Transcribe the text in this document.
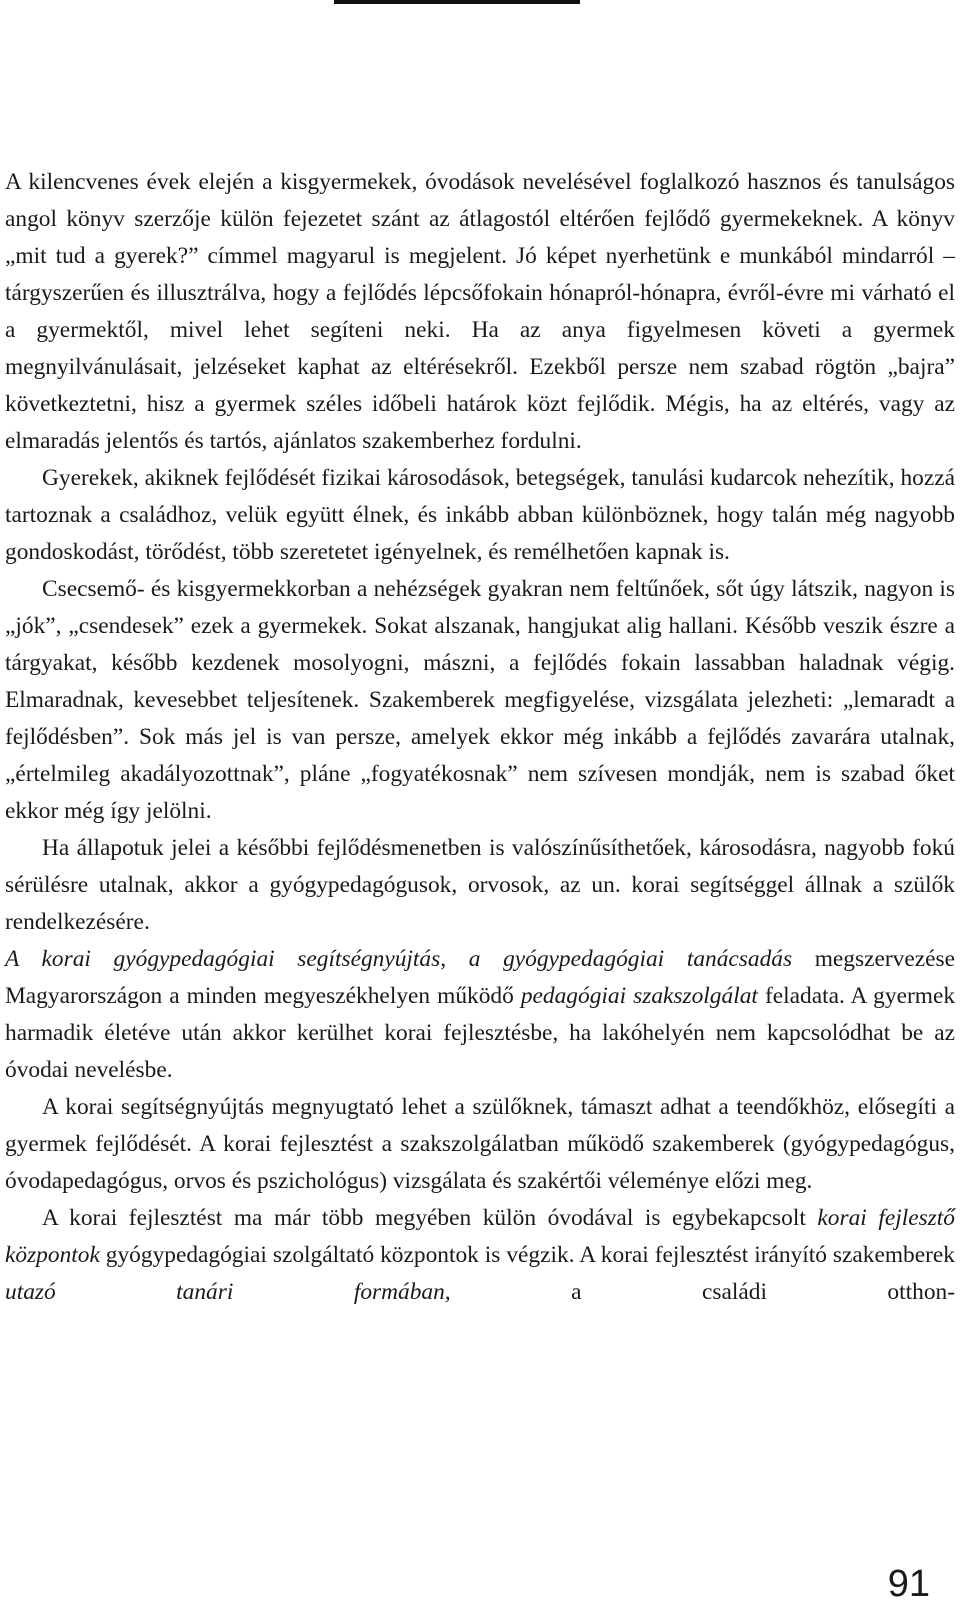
A kilencvenes évek elején a kisgyermekek, óvodások nevelésével foglalkozó hasznos és tanulságos angol könyv szerzője külön fejezetet szánt az átlagostól eltérően fejlődő gyermekeknek. A könyv „mit tud a gyerek?” címmel magyarul is megjelent. Jó képet nyerhetünk e munkából mindarról – tárgyszerűen és illusztrálva, hogy a fejlődés lépcsőfokain hónapról-hónapra, évről-évre mi várható el a gyermektől, mivel lehet segíteni neki. Ha az anya figyelmesen követi a gyermek megnyilvánulásait, jelzéseket kaphat az eltérésekről. Ezekből persze nem szabad rögtön „bajra” következtetni, hisz a gyermek széles időbeli határok közt fejlődik. Mégis, ha az eltérés, vagy az elmaradás jelentős és tartós, ajánlatos szakemberhez fordulni.

Gyerekek, akiknek fejlődését fizikai károsodások, betegségek, tanulási kudarcok nehezítik, hozzá tartoznak a családhoz, velük együtt élnek, és inkább abban különböznek, hogy talán még nagyobb gondoskodást, törődést, több szeretetet igényelnek, és remélhetően kapnak is.

Csecsemő- és kisgyermekkorban a nehézségek gyakran nem feltűnőek, sőt úgy látszik, nagyon is „jók”, „csendesek” ezek a gyermekek. Sokat alszanak, hangjukat alig hallani. Később veszik észre a tárgyakat, később kezdenek mosolyogni, mászni, a fejlődés fokain lassabban haladnak végig. Elmaradnak, kevesebbet teljesítenek. Szakemberek megfigyelése, vizsgálata jelezheti: „lemaradt a fejlődésben”. Sok más jel is van persze, amelyek ekkor még inkább a fejlődés zavarára utalnak, „értelmileg akadályozottnak”, pláne „fogyatékosnak” nem szívesen mondják, nem is szabad őket ekkor még így jelölni.

Ha állapotuk jelei a későbbi fejlődésmenetben is valószínűsíthetőek, károsodásra, nagyobb fokú sérülésre utalnak, akkor a gyógypedagógusok, orvosok, az un. korai segítséggel állnak a szülők rendelkezésére.

A korai gyógypedagógiai segítségnyújtás, a gyógypedagógiai tanácsadás megszervezése Magyarországon a minden megyeszékhelyen működő pedagógiai szakszolgálat feladata. A gyermek harmadik életéve után akkor kerülhet korai fejlesztésbe, ha lakóhelyén nem kapcsolódhat be az óvodai nevelésbe.

A korai segítségnyújtás megnyugtató lehet a szülőknek, támaszt adhat a teendőkhöz, elősegíti a gyermek fejlődését. A korai fejlesztést a szakszolgálatban működő szakemberek (gyógypedagógus, óvodapedagógus, orvos és pszichológus) vizsgálata és szakértői véleménye előzi meg.

A korai fejlesztést ma már több megyében külön óvodával is egybekapcsolt korai fejlesztő központok gyógypedagógiai szolgáltató központok is végzik. A korai fejlesztést irányító szakemberek utazó tanári formában, a családi otthon-

91
